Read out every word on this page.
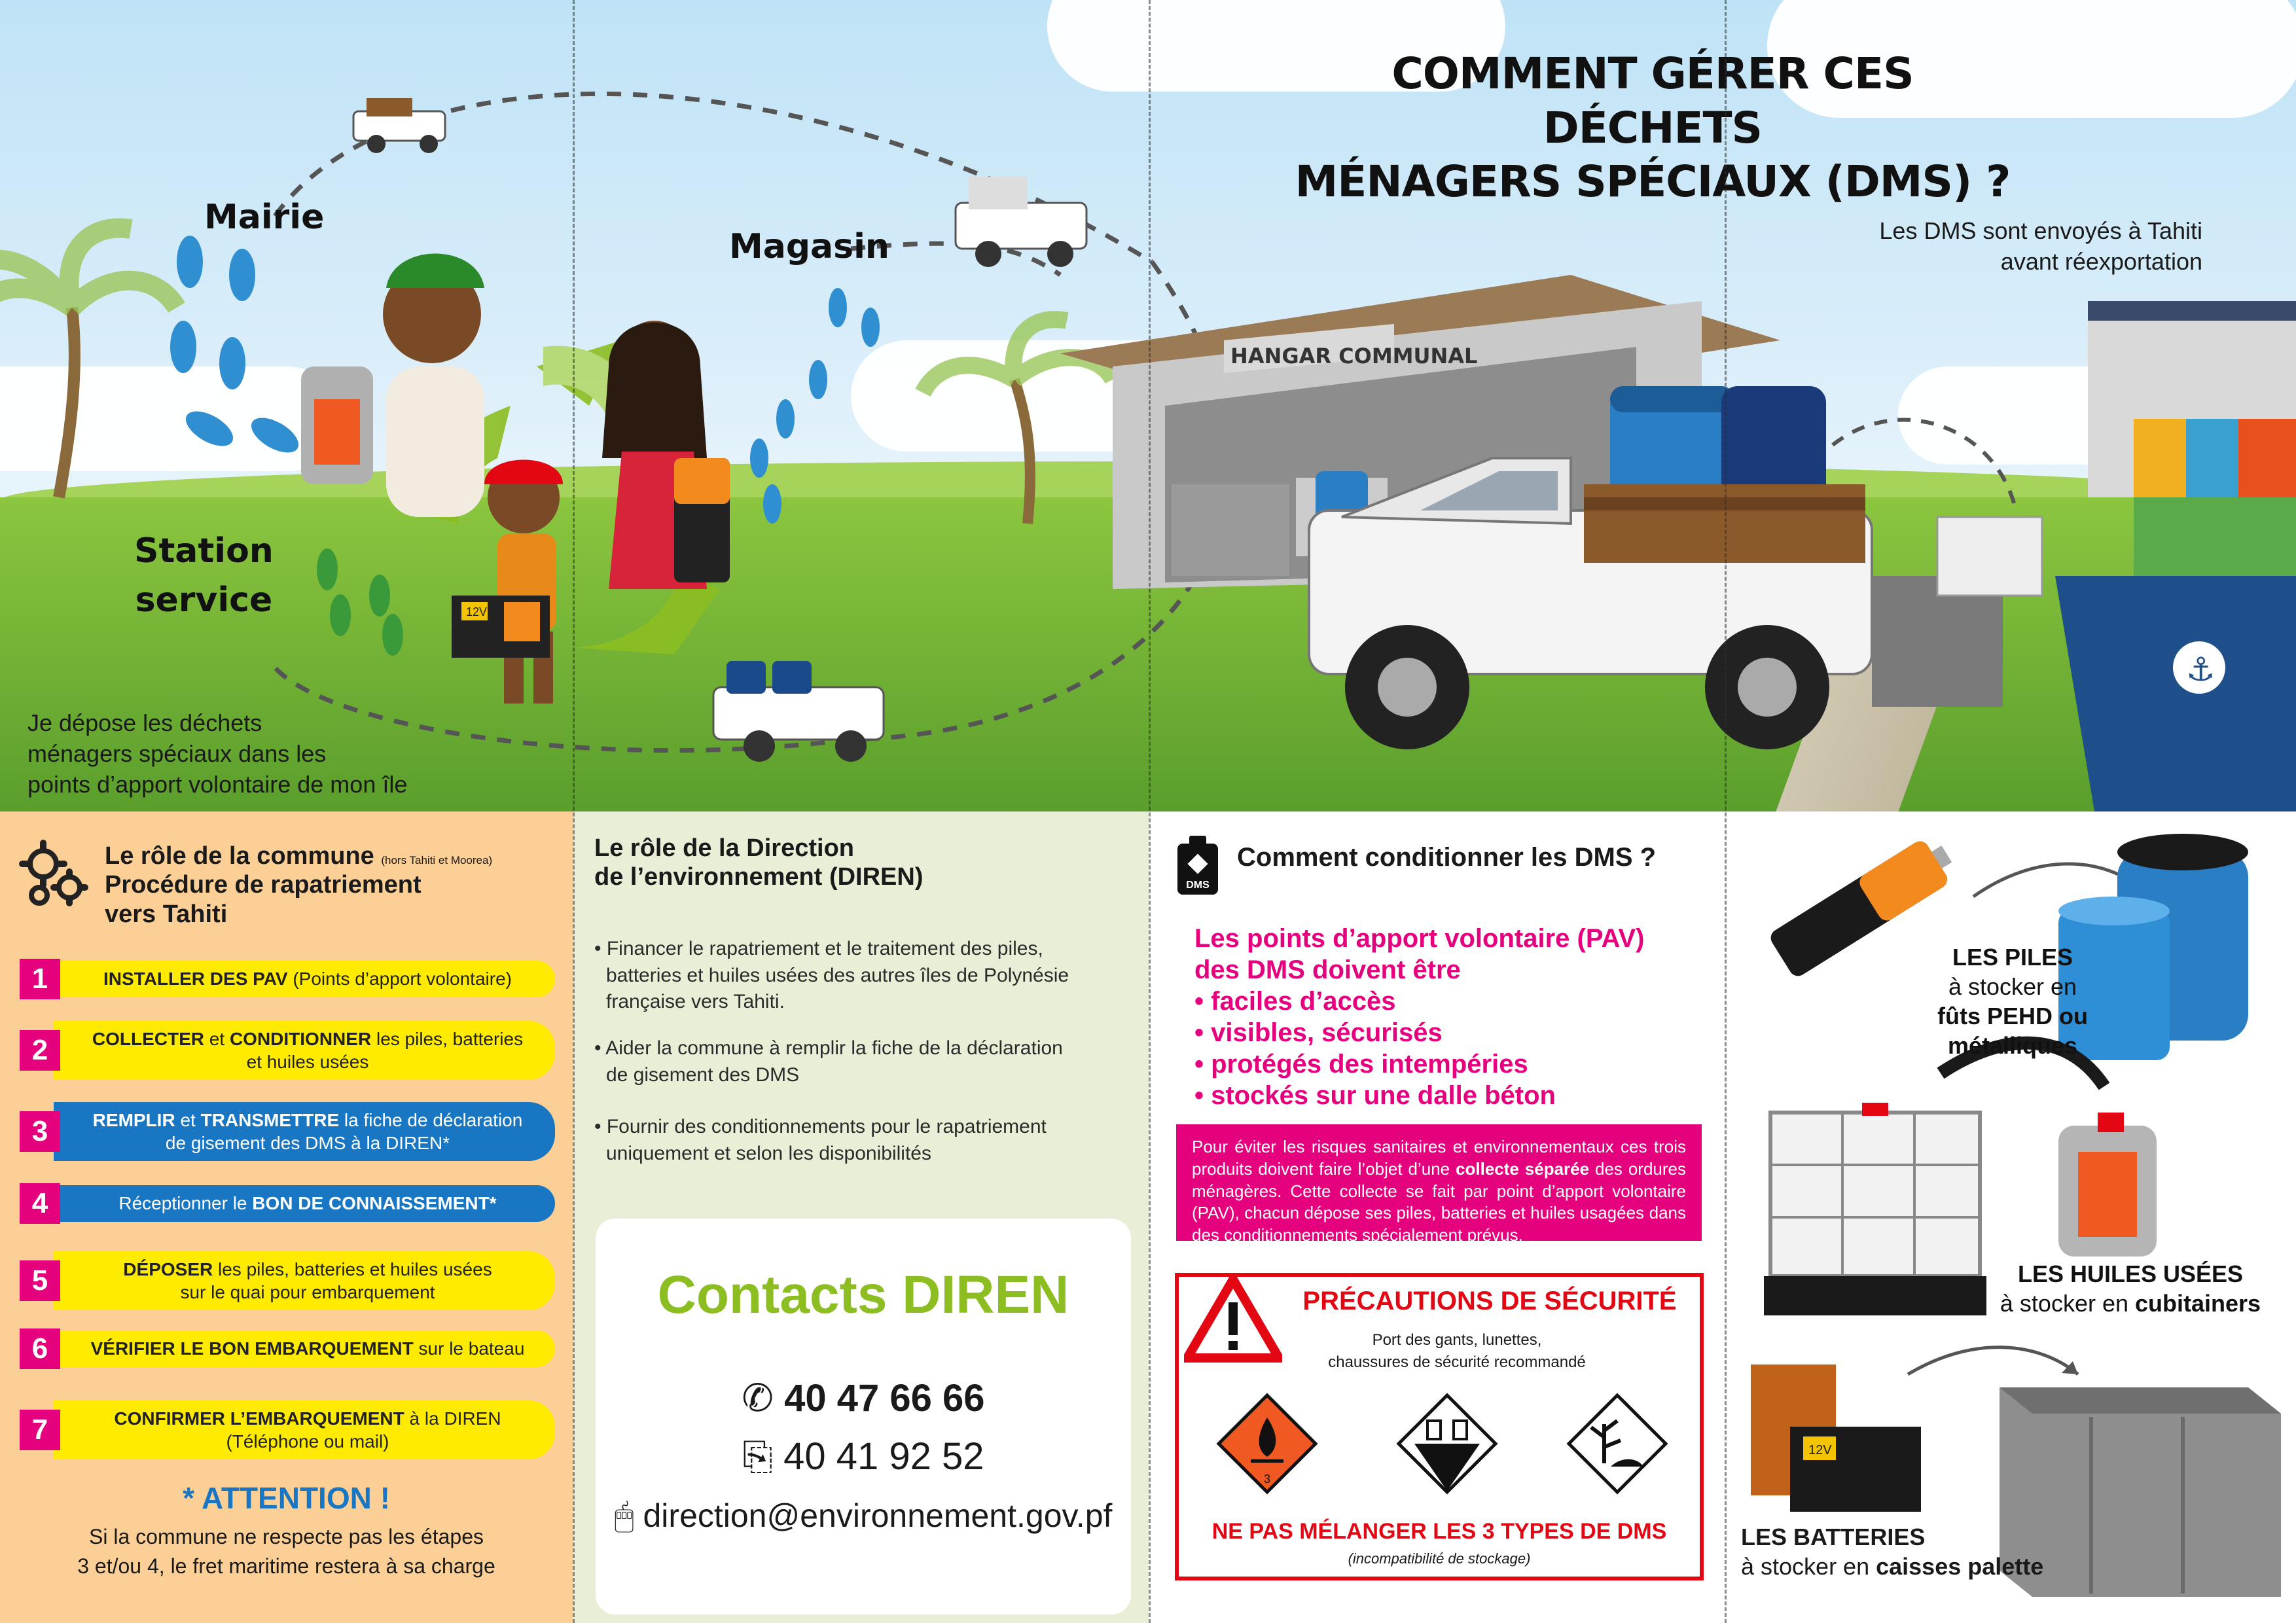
12V
HANGAR COMMUNAL
⚓
COMMENT GÉRER CES DÉCHETS
MÉNAGERS SPÉCIAUX (DMS) ?
Mairie
Magasin
Station
service
Je dépose les déchets
ménagers spéciaux dans les
points d’apport volontaire de mon île
Les DMS sont envoyés à Tahiti
avant réexportation
Le rôle de la commune (hors Tahiti et Moorea)
Procédure de rapatriement
vers Tahiti
1	INSTALLER DES PAV (Points d’apport volontaire)
2	COLLECTER et CONDITIONNER les piles, batteries
et huiles usées
3	REMPLIR et TRANSMETTRE la fiche de déclaration
de gisement des DMS à la DIREN*
4	Réceptionner le BON DE CONNAISSEMENT*
5	DÉPOSER les piles, batteries et huiles usées
sur le quai pour embarquement
6	VÉRIFIER LE BON EMBARQUEMENT sur le bateau
7	CONFIRMER L’EMBARQUEMENT à la DIREN
(Téléphone ou mail)
* ATTENTION !
Si la commune ne respecte pas les étapes
3 et/ou 4, le fret maritime restera à sa charge
Le rôle de la Direction
de l’environnement (DIREN)
• Financer le rapatriement et le traitement des piles,
batteries et huiles usées des autres îles de Polynésie
française vers Tahiti.
• Aider la commune à remplir la fiche de la déclaration
de gisement des DMS
• Fournir des conditionnements pour le rapatriement
uniquement et selon les disponibilités
Contacts DIREN
✆ 40 47 66 66
⎘ 40 41 92 52
🖱 direction@environnement.gov.pf
DMS
Comment conditionner les DMS ?
Les points d’apport volontaire (PAV)
des DMS doivent être
• faciles d’accès
• visibles, sécurisés
• protégés des intempéries
• stockés sur une dalle béton
Pour éviter les risques sanitaires et environnementaux ces trois produits doivent faire l’objet d’une collecte séparée des ordures ménagères. Cette collecte se fait par point d’apport volontaire (PAV), chacun dépose ses piles, batteries et huiles usagées dans des conditionnements spécialement prévus.
PRÉCAUTIONS DE SÉCURITÉ
Port des gants, lunettes,
chaussures de sécurité recommandé
3
NE PAS MÉLANGER LES 3 TYPES DE DMS
(incompatibilité de stockage)
12V
LES PILES
à stocker en
fûts PEHD ou métalliques
LES HUILES USÉES
à stocker en cubitainers
LES BATTERIES
à stocker en caisses palette
